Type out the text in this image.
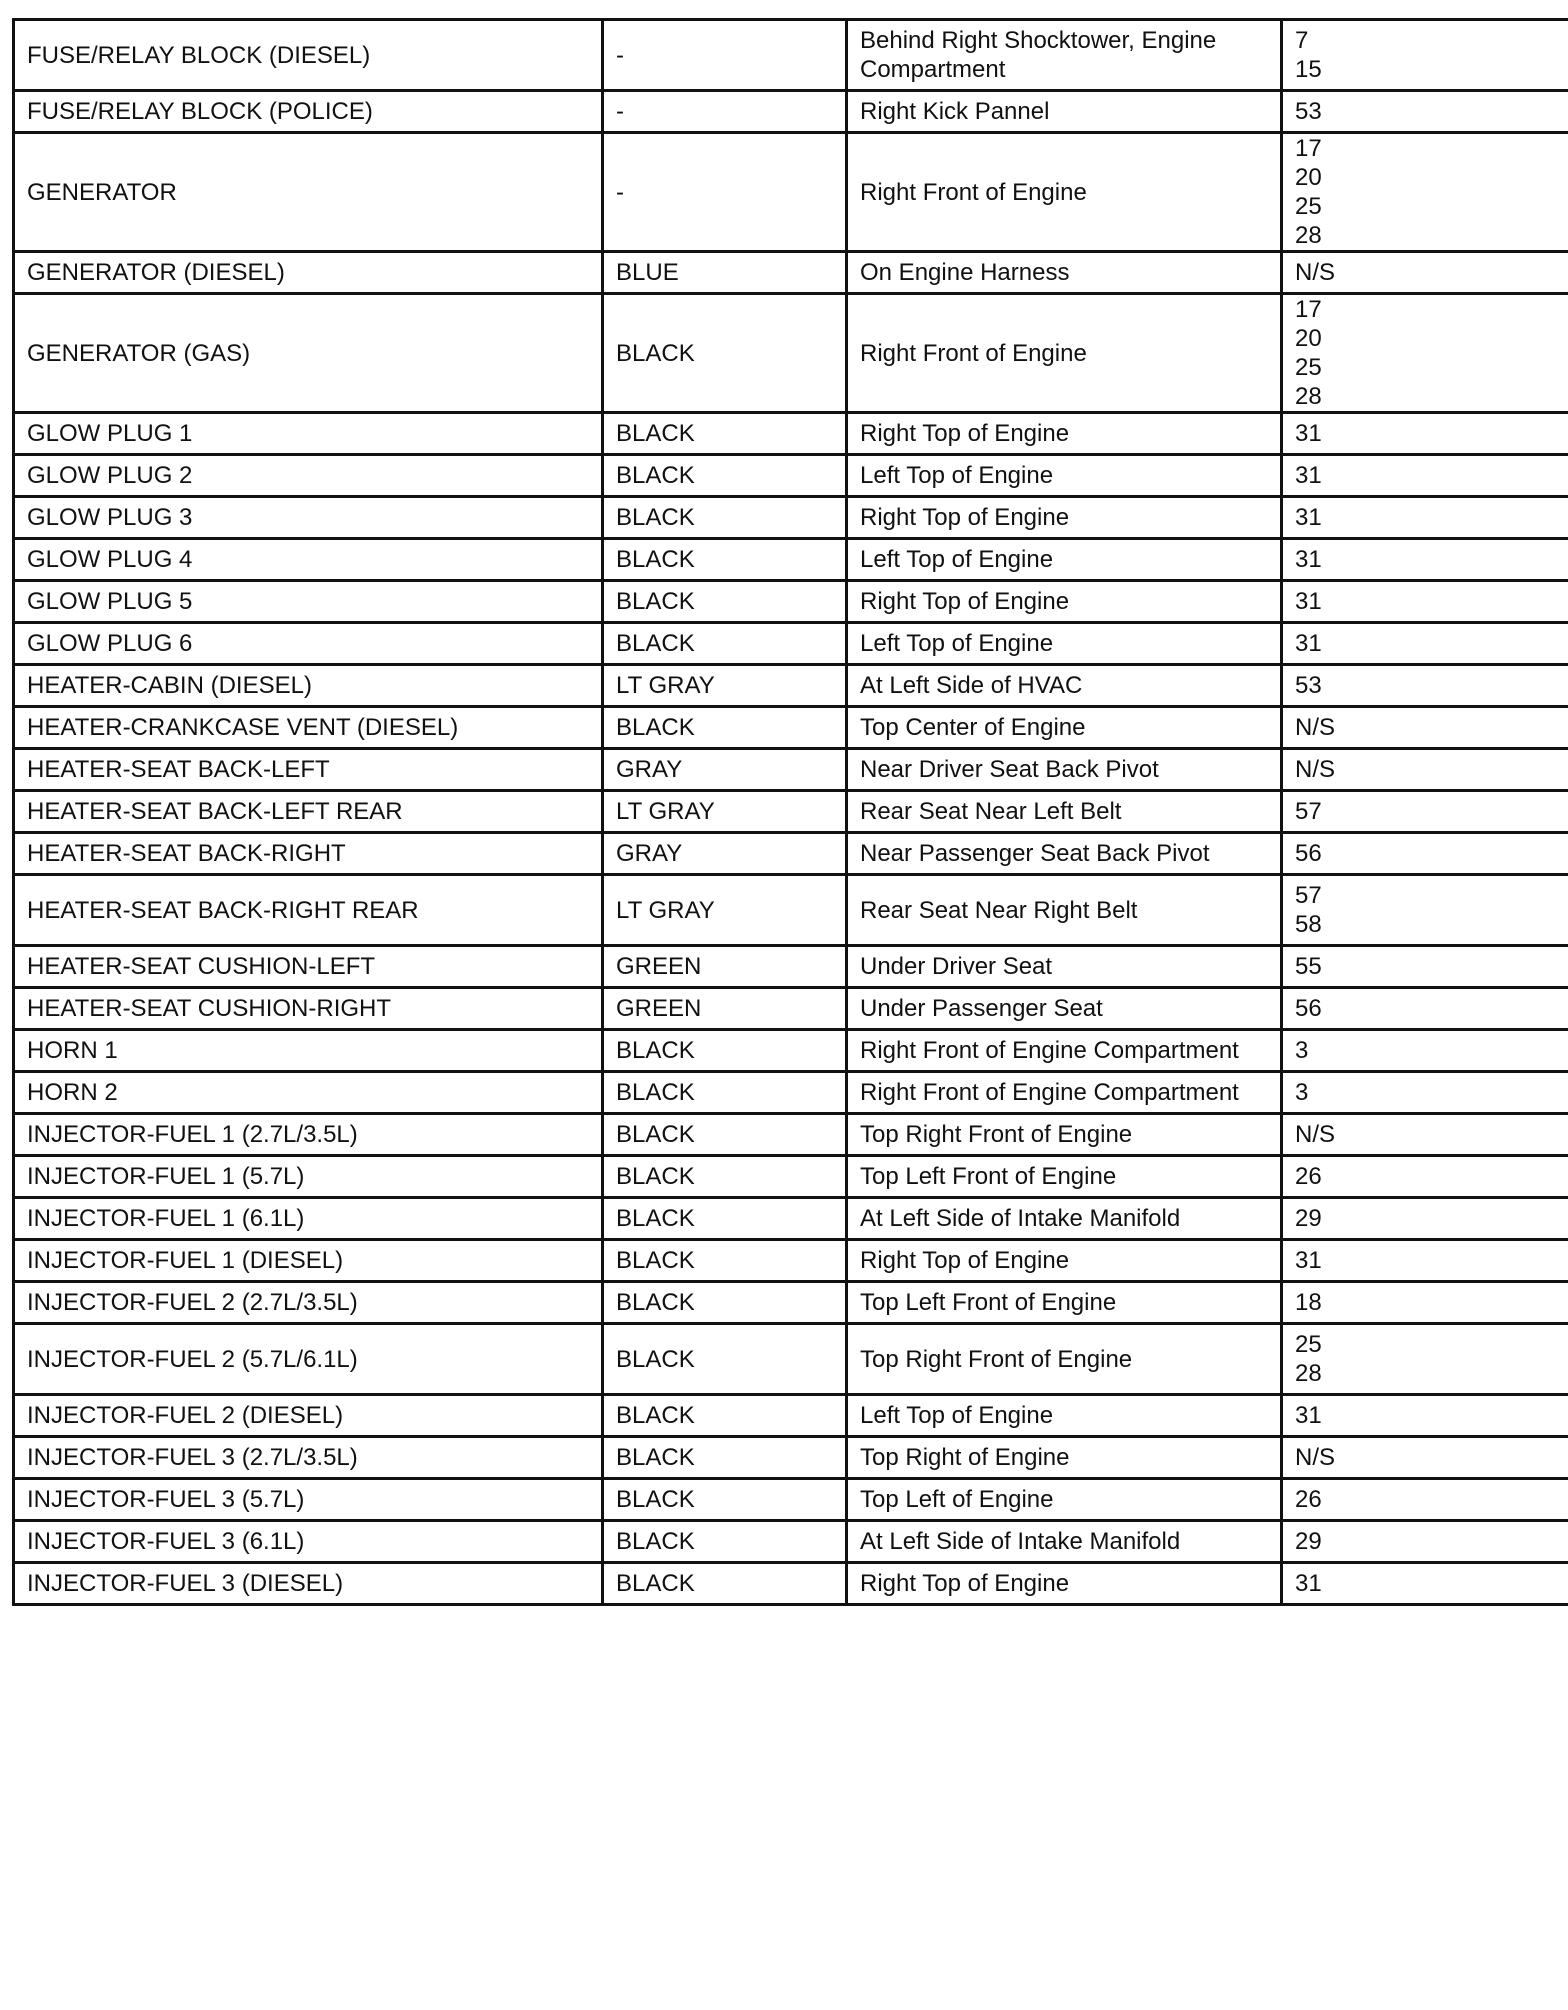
FUSE/RELAY BLOCK (DIESEL)	-	Behind Right Shocktower, Engine
Compartment	7
15

FUSE/RELAY BLOCK (POLICE)	-	Right Kick Pannel	53

GENERATOR	-	Right Front of Engine	17
20
25
28

GENERATOR (DIESEL)	BLUE	On Engine Harness	N/S

GENERATOR (GAS)	BLACK	Right Front of Engine	17
20
25
28

GLOW PLUG 1	BLACK	Right Top of Engine	31

GLOW PLUG 2	BLACK	Left Top of Engine	31

GLOW PLUG 3	BLACK	Right Top of Engine	31

GLOW PLUG 4	BLACK	Left Top of Engine	31

GLOW PLUG 5	BLACK	Right Top of Engine	31

GLOW PLUG 6	BLACK	Left Top of Engine	31

HEATER-CABIN (DIESEL)	LT GRAY	At Left Side of HVAC	53

HEATER-CRANKCASE VENT (DIESEL)	BLACK	Top Center of Engine	N/S

HEATER-SEAT BACK-LEFT	GRAY	Near Driver Seat Back Pivot	N/S

HEATER-SEAT BACK-LEFT REAR	LT GRAY	Rear Seat Near Left Belt	57

HEATER-SEAT BACK-RIGHT	GRAY	Near Passenger Seat Back Pivot	56

HEATER-SEAT BACK-RIGHT REAR	LT GRAY	Rear Seat Near Right Belt	57
58

HEATER-SEAT CUSHION-LEFT	GREEN	Under Driver Seat	55

HEATER-SEAT CUSHION-RIGHT	GREEN	Under Passenger Seat	56

HORN 1	BLACK	Right Front of Engine Compartment	3

HORN 2	BLACK	Right Front of Engine Compartment	3

INJECTOR-FUEL 1 (2.7L/3.5L)	BLACK	Top Right Front of Engine	N/S

INJECTOR-FUEL 1 (5.7L)	BLACK	Top Left Front of Engine	26

INJECTOR-FUEL 1 (6.1L)	BLACK	At Left Side of Intake Manifold	29

INJECTOR-FUEL 1 (DIESEL)	BLACK	Right Top of Engine	31

INJECTOR-FUEL 2 (2.7L/3.5L)	BLACK	Top Left Front of Engine	18

INJECTOR-FUEL 2 (5.7L/6.1L)	BLACK	Top Right Front of Engine	25
28

INJECTOR-FUEL 2 (DIESEL)	BLACK	Left Top of Engine	31

INJECTOR-FUEL 3 (2.7L/3.5L)	BLACK	Top Right of Engine	N/S

INJECTOR-FUEL 3 (5.7L)	BLACK	Top Left of Engine	26

INJECTOR-FUEL 3 (6.1L)	BLACK	At Left Side of Intake Manifold	29

INJECTOR-FUEL 3 (DIESEL)	BLACK	Right Top of Engine	31
